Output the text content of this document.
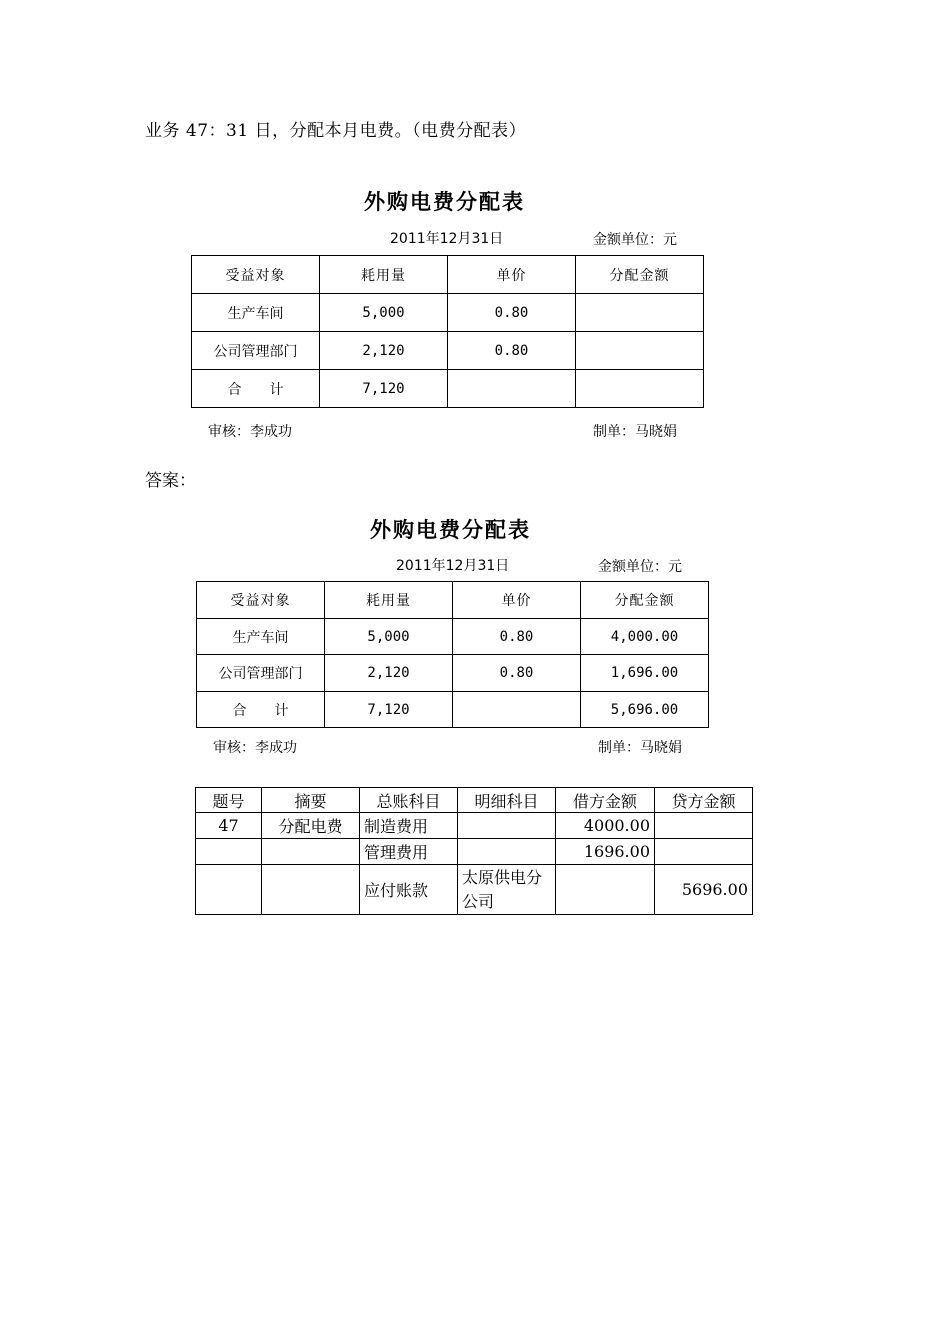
业务 47：31 日，分配本月电费。（电费分配表）
外购电费分配表
2011年12月31日	金额单位：元
受益对象	耗用量	单价	分配金额
生产车间	5,000	0.80	
公司管理部门	2,120	0.80	
合　　计	7,120		
审核：李成功	制单：马晓娟
答案：
外购电费分配表
2011年12月31日	金额单位：元
受益对象	耗用量	单价	分配金额
生产车间	5,000	0.80	4,000.00
公司管理部门	2,120	0.80	1,696.00
合　　计	7,120		5,696.00
审核：李成功	制单：马晓娟
题号	摘要	总账科目	明细科目	借方金额	贷方金额
47	分配电费	制造费用		4000.00	
		管理费用		1696.00	
		应付账款	太原供电分公司		5696.00
